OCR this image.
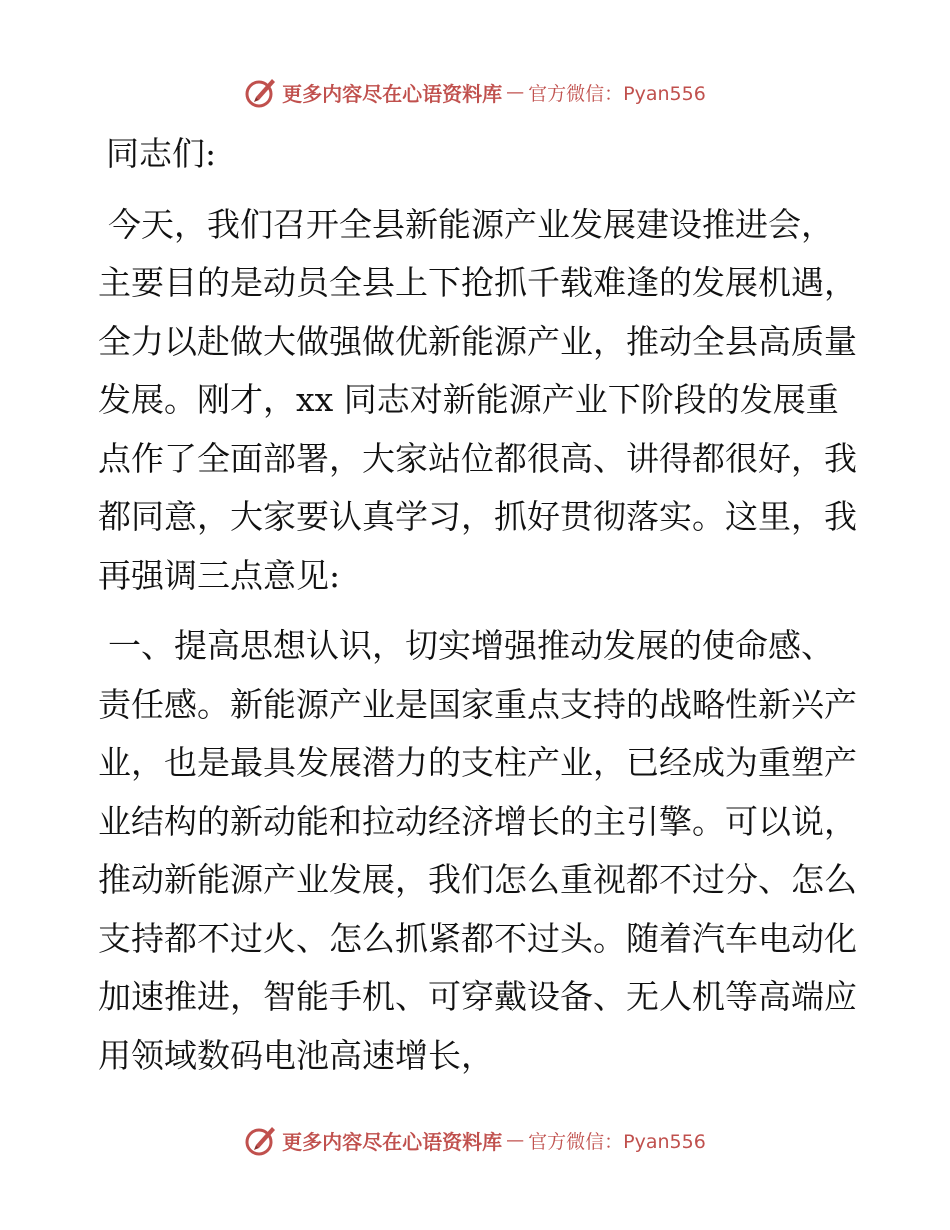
更多内容尽在心语资料库 — 官方微信：Pyan556
同志们:
今天，我们召开全县新能源产业发展建设推进会，主要目的是动员全县上下抢抓千载难逢的发展机遇，全力以赴做大做强做优新能源产业，推动全县高质量发展。刚才，xx 同志对新能源产业下阶段的发展重点作了全面部署，大家站位都很高、讲得都很好，我都同意，大家要认真学习，抓好贯彻落实。这里，我再强调三点意见:
一、提高思想认识，切实增强推动发展的使命感、责任感。新能源产业是国家重点支持的战略性新兴产业，也是最具发展潜力的支柱产业，已经成为重塑产业结构的新动能和拉动经济增长的主引擎。可以说，推动新能源产业发展，我们怎么重视都不过分、怎么支持都不过火、怎么抓紧都不过头。随着汽车电动化加速推进，智能手机、可穿戴设备、无人机等高端应用领域数码电池高速增长，
更多内容尽在心语资料库 — 官方微信：Pyan556
